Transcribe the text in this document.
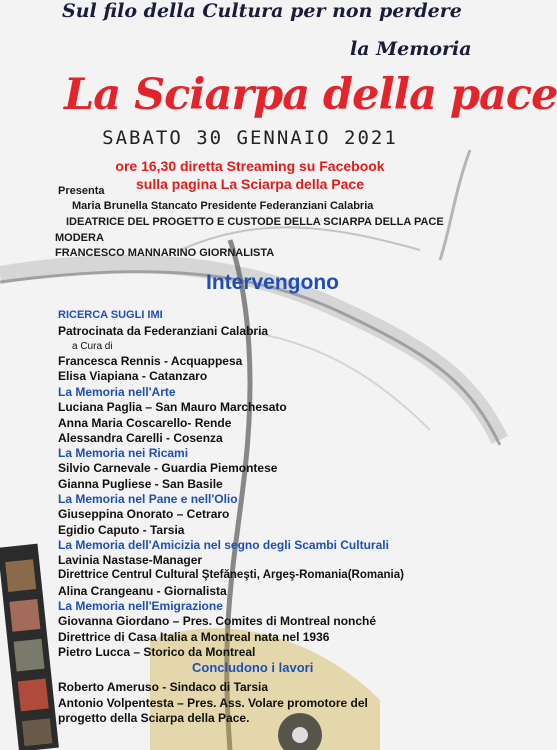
Sul filo della Cultura per non perdere
la Memoria
La Sciarpa della pace
SABATO 30 GENNAIO 2021
ore 16,30 diretta Streaming su Facebook
sulla pagina La Sciarpa della Pace
Presenta
Maria Brunella Stancato Presidente Federanziani Calabria
IDEATRICE DEL PROGETTO E CUSTODE DELLA SCIARPA DELLA PACE
MODERA
FRANCESCO MANNARINO GIORNALISTA
Intervengono
RICERCA SUGLI IMI
Patrocinata da Federanziani Calabria
a Cura di
Francesca Rennis - Acquappesa
Elisa Viapiana - Catanzaro
La Memoria nell'Arte
Luciana Paglia – San Mauro Marchesato
Anna Maria Coscarello- Rende
Alessandra Carelli - Cosenza
La Memoria nei Ricami
Silvio Carnevale - Guardia Piemontese
Gianna Pugliese - San Basile
La Memoria nel Pane e nell'Olio
Giuseppina Onorato – Cetraro
Egidio Caputo - Tarsia
La Memoria dell'Amicizia nel segno degli Scambi Culturali
Lavinia Nastase-Manager
Direttrice Centrul Cultural Ştefăneşti, Argeş-Romania(Romania)
Alina Crangeanu - Giornalista
La Memoria nell'Emigrazione
Giovanna Giordano – Pres. Comites di Montreal nonché
Direttrice di Casa Italia a Montreal nata nel 1936
Pietro Lucca – Storico da Montreal
Concludono i lavori
Roberto Ameruso - Sindaco di Tarsia
Antonio Volpentesta – Pres. Ass. Volare promotore del
progetto della Sciarpa della Pace.
